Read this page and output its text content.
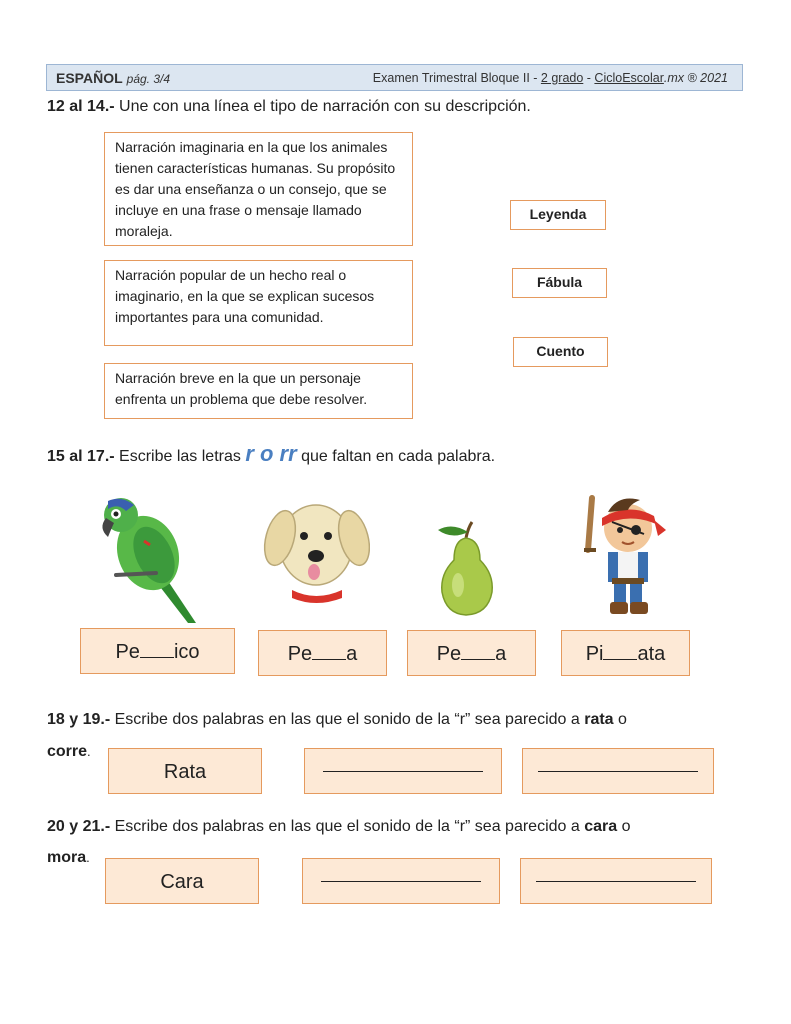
ESPAÑOL pág. 3/4	Examen Trimestral Bloque II - 2 grado - CicloEscolar.mx ® 2021
12 al 14.- Une con una línea el tipo de narración con su descripción.
Narración imaginaria en la que los animales tienen características humanas. Su propósito es dar una enseñanza o un consejo, que se incluye en una frase o mensaje llamado moraleja.
Narración popular de un hecho real o imaginario, en la que se explican sucesos importantes para una comunidad.
Narración breve en la que un personaje enfrenta un problema que debe resolver.
Leyenda
Fábula
Cuento
15 al 17.- Escribe las letras r o rr que faltan en cada palabra.
Pe ico	Pe a	Pe a	Pi ata
18 y 19.- Escribe dos palabras en las que el sonido de la “r” sea parecido a rata o
corre.
Rata
20 y 21.- Escribe dos palabras en las que el sonido de la “r” sea parecido a cara o
mora.
Cara
